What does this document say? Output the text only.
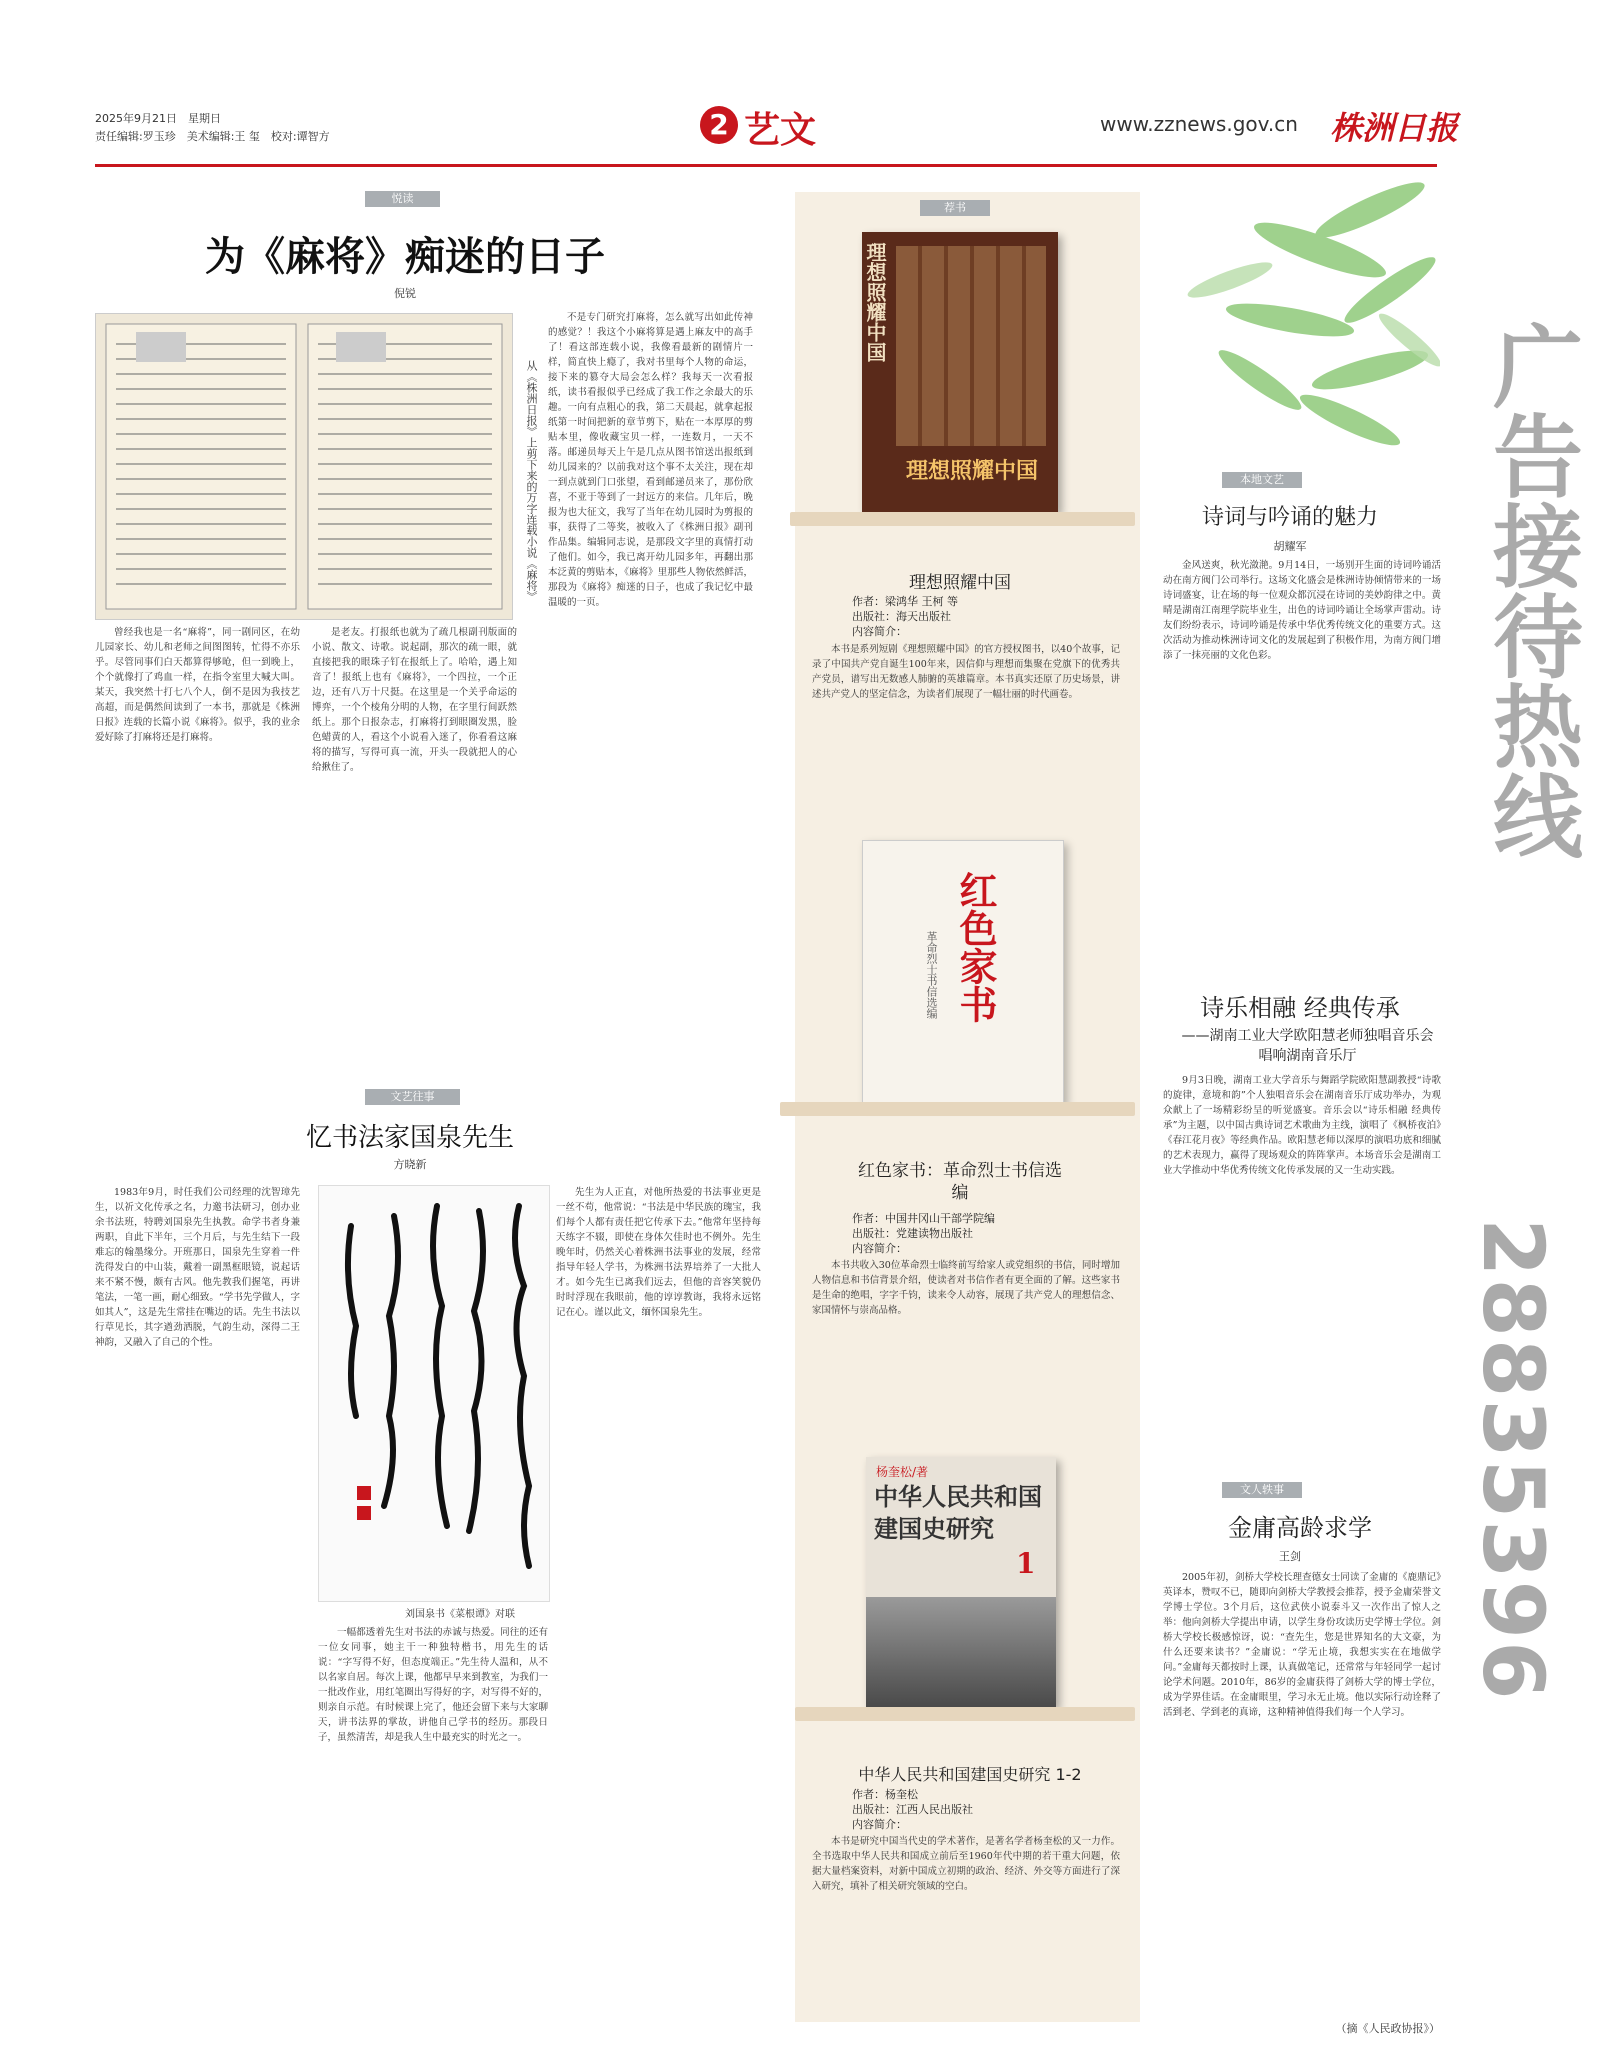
2025年9月21日　星期日
责任编辑:罗玉珍　美术编辑:王 玺　校对:谭智方	2 艺文	www.zznews.gov.cn 株洲日报
广告接待热线
28835396
悦读
为《麻将》痴迷的日子
倪锐
从《株洲日报》上剪下来的万字连载小说《麻将》
曾经我也是一名“麻将”，同一剧同区，在幼儿园家长、幼儿和老师之间图图转，忙得不亦乐乎。尽管同事们白天都算得够呛，但一到晚上，个个就像打了鸡血一样，在指令室里大喊大叫。某天，我突然十打七八个人，倒不是因为我技艺高超，而是偶然间读到了一本书，那就是《株洲日报》连载的长篇小说《麻将》。似乎，我的业余爱好除了打麻将还是打麻将。
是老友。打报纸也就为了疏几根副刊版面的小说、散文、诗歌。说起副，那次的疏一眼，就直接把我的眼珠子钉在报纸上了。哈哈，遇上知音了！报纸上也有《麻将》，一个四拉，一个正边，还有八万十尺挺。在这里是一个关乎命运的博弈，一个个棱角分明的人物，在字里行间跃然纸上。那个日报杂志，打麻将打到眼圈发黑，脸色蜡黄的人，看这个小说看入迷了，你看看这麻将的描写，写得可真一流，开头一段就把人的心给揪住了。
不是专门研究打麻将，怎么就写出如此传神的感觉？！我这个小麻将算是遇上麻友中的高手了！看这部连载小说，我像看最新的剧情片一样，简直快上瘾了，我对书里每个人物的命运，接下来的篡夺大局会怎么样？我每天一次看报纸，读书看报似乎已经成了我工作之余最大的乐趣。一向有点粗心的我，第二天晨起，就拿起报纸第一时间把新的章节剪下，贴在一本厚厚的剪贴本里，像收藏宝贝一样，一连数月，一天不落。邮递员每天上午是几点从图书馆送出报纸到幼儿园来的？以前我对这个事不太关注，现在却一到点就到门口张望，看到邮递员来了，那份欣喜，不亚于等到了一封远方的来信。几年后，晚报为也大征文，我写了当年在幼儿园时为剪报的事，获得了二等奖，被收入了《株洲日报》副刊作品集。编辑同志说，是那段文字里的真情打动了他们。如今，我已离开幼儿园多年，再翻出那本泛黄的剪贴本，《麻将》里那些人物依然鲜活，那段为《麻将》痴迷的日子，也成了我记忆中最温暖的一页。
文艺往事
忆书法家国泉先生
方晓新
1983年9月，时任我们公司经理的沈智璋先生，以祈文化传承之名，力邀书法研习，创办业余书法班，特聘刘国泉先生执教。命学书者身兼两职，自此下半年，三个月后，与先生结下一段难忘的翰墨缘分。开班那日，国泉先生穿着一件洗得发白的中山装，戴着一副黑框眼镜，说起话来不紧不慢，颇有古风。他先教我们握笔，再讲笔法，一笔一画，耐心细致。“学书先学做人，字如其人”，这是先生常挂在嘴边的话。先生书法以行草见长，其字遒劲洒脱，气韵生动，深得二王神韵，又融入了自己的个性。
刘国泉书《菜根谭》对联
一幅都透着先生对书法的赤诚与热爱。同往的还有一位女同事，她主干一种独特楷书，用先生的话说：“字写得不好，但态度端正。”先生待人温和，从不以名家自居。每次上课，他都早早来到教室，为我们一一批改作业，用红笔圈出写得好的字，对写得不好的，则亲自示范。有时候课上完了，他还会留下来与大家聊天，讲书法界的掌故，讲他自己学书的经历。那段日子，虽然清苦，却是我人生中最充实的时光之一。
先生为人正直，对他所热爱的书法事业更是一丝不苟，他常说：“书法是中华民族的瑰宝，我们每个人都有责任把它传承下去。”他常年坚持每天练字不辍，即使在身体欠佳时也不例外。先生晚年时，仍然关心着株洲书法事业的发展，经常指导年轻人学书，为株洲书法界培养了一大批人才。如今先生已离我们远去，但他的音容笑貌仍时时浮现在我眼前，他的谆谆教诲，我将永远铭记在心。谨以此文，缅怀国泉先生。
荐书
理想照耀中国
理想照耀中国
理想照耀中国
作者：梁鸿华 王柯 等
出版社：海天出版社
内容简介：
本书是系列短剧《理想照耀中国》的官方授权图书，以40个故事，记录了中国共产党自诞生100年来，因信仰与理想而集聚在党旗下的优秀共产党员，谱写出无数感人肺腑的英雄篇章。本书真实还原了历史场景，讲述共产党人的坚定信念，为读者们展现了一幅壮丽的时代画卷。
红色家书
革命烈士书信选编
红色家书：革命烈士书信选编
作者：中国井冈山干部学院编
出版社：党建读物出版社
内容简介：
本书共收入30位革命烈士临终前写给家人或党组织的书信，同时增加人物信息和书信背景介绍，使读者对书信作者有更全面的了解。这些家书是生命的绝唱，字字千钧，读来令人动容，展现了共产党人的理想信念、家国情怀与崇高品格。
杨奎松/著
中华人民共和国建国史研究
1
中华人民共和国建国史研究 1-2
作者：杨奎松
出版社：江西人民出版社
内容简介：
本书是研究中国当代史的学术著作，是著名学者杨奎松的又一力作。全书选取中华人民共和国成立前后至1960年代中期的若干重大问题，依据大量档案资料，对新中国成立初期的政治、经济、外交等方面进行了深入研究，填补了相关研究领域的空白。
本地文艺
诗词与吟诵的魅力
胡耀军
金风送爽，秋光潋滟。9月14日，一场别开生面的诗词吟诵活动在南方阀门公司举行。这场文化盛会是株洲诗协倾情带来的一场诗词盛宴，让在场的每一位观众都沉浸在诗词的美妙韵律之中。黄晴是湖南江南理学院毕业生，出色的诗词吟诵让全场掌声雷动。诗友们纷纷表示，诗词吟诵是传承中华优秀传统文化的重要方式。这次活动为推动株洲诗词文化的发展起到了积极作用，为南方阀门增添了一抹亮丽的文化色彩。
诗乐相融 经典传承
——湖南工业大学欧阳慧老师独唱音乐会唱响湖南音乐厅
9月3日晚，湖南工业大学音乐与舞蹈学院欧阳慧副教授“诗歌的旋律，意境和韵”个人独唱音乐会在湖南音乐厅成功举办，为观众献上了一场精彩纷呈的听觉盛宴。音乐会以“诗乐相融 经典传承”为主题，以中国古典诗词艺术歌曲为主线，演唱了《枫桥夜泊》《春江花月夜》等经典作品。欧阳慧老师以深厚的演唱功底和细腻的艺术表现力，赢得了现场观众的阵阵掌声。本场音乐会是湖南工业大学推动中华优秀传统文化传承发展的又一生动实践。
文人轶事
金庸高龄求学
王剑
2005年初，剑桥大学校长理查德女士同读了金庸的《鹿鼎记》英译本，赞叹不已，随即向剑桥大学教授会推荐，授予金庸荣誉文学博士学位。3个月后，这位武侠小说泰斗又一次作出了惊人之举：他向剑桥大学提出申请，以学生身份攻读历史学博士学位。剑桥大学校长极感惊讶，说：“查先生，您是世界知名的大文豪，为什么还要来读书？”金庸说：“学无止境，我想实实在在地做学问。”金庸每天都按时上课，认真做笔记，还常常与年轻同学一起讨论学术问题。2010年，86岁的金庸获得了剑桥大学的博士学位，成为学界佳话。在金庸眼里，学习永无止境。他以实际行动诠释了活到老、学到老的真谛，这种精神值得我们每一个人学习。
（摘《人民政协报》）
